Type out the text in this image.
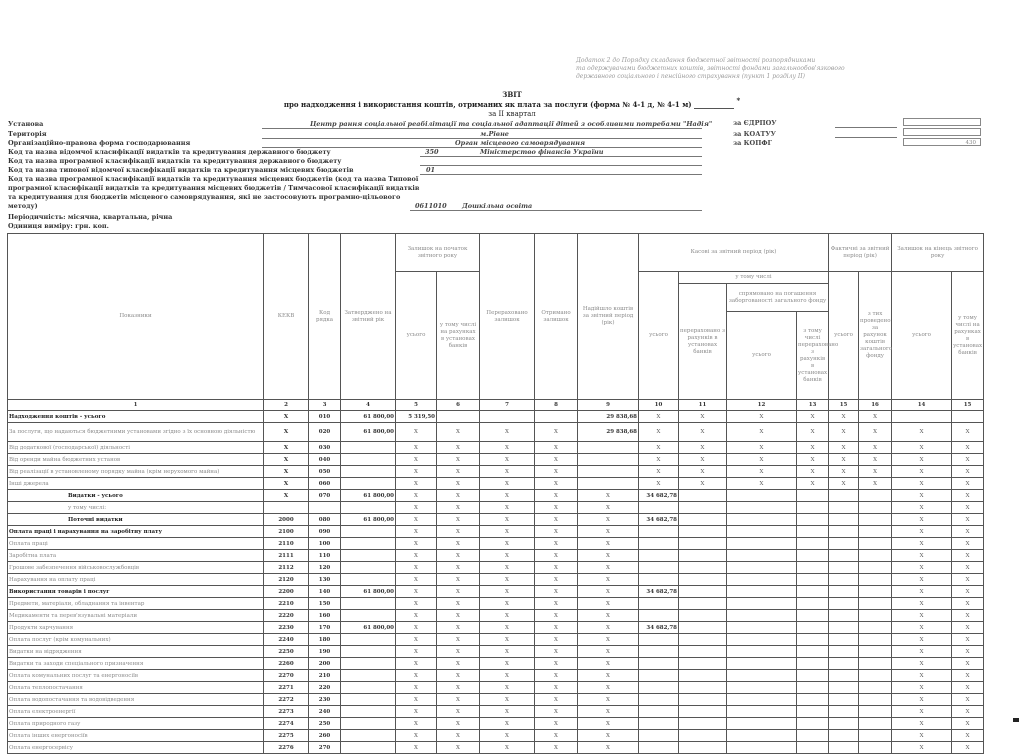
Додаток 2 до Порядку складання бюджетної звітності розпорядниками
та одержувачами бюджетних коштів, звітності фондами загальнообов'язкового
державного соціального і пенсійного страхування (пункт 1 розділу II)
ЗВІТ
про надходження і використання коштів, отриманих як плата за послуги (форма № 4-1 д, № 4-1 м)	*
за II квартал
Установа	Центр рання соціальної реабілітації та соціальної адаптації дітей з особливими потребами "Надія"
Територія	м.Рівне
Організаційно-правова форма господарювання	Орган місцевого самоврядування
Код та назва відомчої класифікації видатків та кредитування державного бюджету	350	Міністерство фінансів України
Код та назва програмної класифікації видатків та кредитування державного бюджету
Код та назва типової відомчої класифікації видатків та кредитування місцевих бюджетів	01
Код та назва програмної класифікації видатків та кредитування місцевих бюджетів (код та назва Типової
програмної класифікації видатків та кредитування місцевих бюджетів / Тимчасової класифікації видатків
та кредитування для бюджетів місцевого самоврядування, які не застосовують програмно-цільового
методу)	0611010 Дошкільна освіта
Періодичність: місячна, квартальна, річна
Одиниця виміру: грн. коп.
за ЄДРПОУ
за КОАТУУ
за КОПФГ	430
Показники	КЕКВ	Код рядка	Затверджено на звітний рік	Залишок на початок звітного року		Перераховано залишок	Отримано залишок	Надійшло коштів за звітний період (рік)	Касові за звітний період (рік)				Фактичні за звітний період (рік)		Залишок на кінець звітного року	
				усього	у тому числі на рахунках в установах банків				усього	у тому числі			усього	з тих проведено за рахунок коштів загального фонду	усього	у тому числі на рахунках в установах банків
										перераховано з рахунків в установах банків	спрямовано на погашення заборгованості загального фонду					
											усього	з тому числі перераховано з рахунків в установах банків				
1	2	3	4	5	6	7	8	9	10	11	12	13	15	16	14	15
Надходження коштів - усього	X	010	61 800,00	5 319,50				29 838,68	X	X	X	X	X	X		
За послуги, що надаються бюджетними установами згідно з їх основною діяльністю	X	020	61 800,00	X	X	X	X	29 838,68	X	X	X	X	X	X	X	X
Від додаткової (господарської) діяльності	X	030		X	X	X	X		X	X	X	X	X	X	X	X
Від оренди майна бюджетних установ	X	040		X	X	X	X		X	X	X	X	X	X	X	X
Від реалізації в установленому порядку майна (крім нерухомого майна)	X	050		X	X	X	X		X	X	X	X	X	X	X	X
Інші джерела	X	060		X	X	X	X		X	X	X	X	X	X	X	X
Видатки - усього	X	070	61 800,00	X	X	X	X	X	34 682,78						X	X
у тому числі:				X	X	X	X	X							X	X
Поточні видатки	2000	080	61 800,00	X	X	X	X	X	34 682,78						X	X
Оплата праці і нарахування на заробітну плату	2100	090		X	X	X	X	X							X	X
Оплата праці	2110	100		X	X	X	X	X							X	X
Заробітна плата	2111	110		X	X	X	X	X							X	X
Грошове забезпечення військовослужбовців	2112	120		X	X	X	X	X							X	X
Нарахування на оплату праці	2120	130		X	X	X	X	X							X	X
Використання товарів і послуг	2200	140	61 800,00	X	X	X	X	X	34 682,78						X	X
Предмети, матеріали, обладнання та інвентар	2210	150		X	X	X	X	X							X	X
Медикаменти та перев'язувальні матеріали	2220	160		X	X	X	X	X							X	X
Продукти харчування	2230	170	61 800,00	X	X	X	X	X	34 682,78						X	X
Оплата послуг (крім комунальних)	2240	180		X	X	X	X	X							X	X
Видатки на відрядження	2250	190		X	X	X	X	X							X	X
Видатки та заходи спеціального призначення	2260	200		X	X	X	X	X							X	X
Оплата комунальних послуг та енергоносіїв	2270	210		X	X	X	X	X							X	X
Оплата теплопостачання	2271	220		X	X	X	X	X							X	X
Оплата водопостачання та водовідведення	2272	230		X	X	X	X	X							X	X
Оплата електроенергії	2273	240		X	X	X	X	X							X	X
Оплата природного газу	2274	250		X	X	X	X	X							X	X
Оплата інших енергоносіїв	2275	260		X	X	X	X	X							X	X
Оплата енергосервісу	2276	270		X	X	X	X	X							X	X
